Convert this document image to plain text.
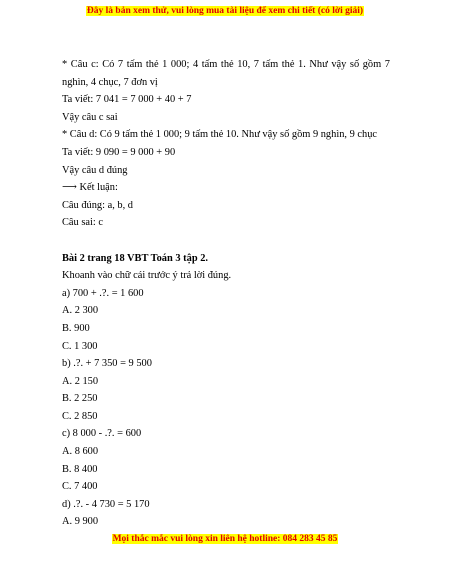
Đây là bản xem thử, vui lòng mua tài liệu để xem chi tiết (có lời giải)
* Câu c: Có 7 tấm thẻ 1 000; 4 tấm thẻ 10, 7 tấm thẻ 1. Như vậy số gồm 7 nghìn, 4 chục, 7 đơn vị
Ta viết: 7 041 = 7 000 + 40 + 7
Vậy câu c sai
* Câu d: Có 9 tấm thẻ 1 000; 9 tấm thẻ 10. Như vậy số gồm 9 nghìn, 9 chục
Ta viết: 9 090 = 9 000 + 90
Vậy câu d đúng
⟶ Kết luận:
Câu đúng: a, b, d
Câu sai: c
Bài 2 trang 18 VBT Toán 3 tập 2.
Khoanh vào chữ cái trước ý trả lời đúng.
a) 700 + .?. = 1 600
A. 2 300
B. 900
C. 1 300
b) .?. + 7 350 = 9 500
A. 2 150
B. 2 250
C. 2 850
c) 8 000 - .?. = 600
A. 8 600
B. 8 400
C. 7 400
d) .?. - 4 730 = 5 170
A. 9 900
Mọi thắc mắc vui lòng xin liên hệ hotline: 084 283 45 85
